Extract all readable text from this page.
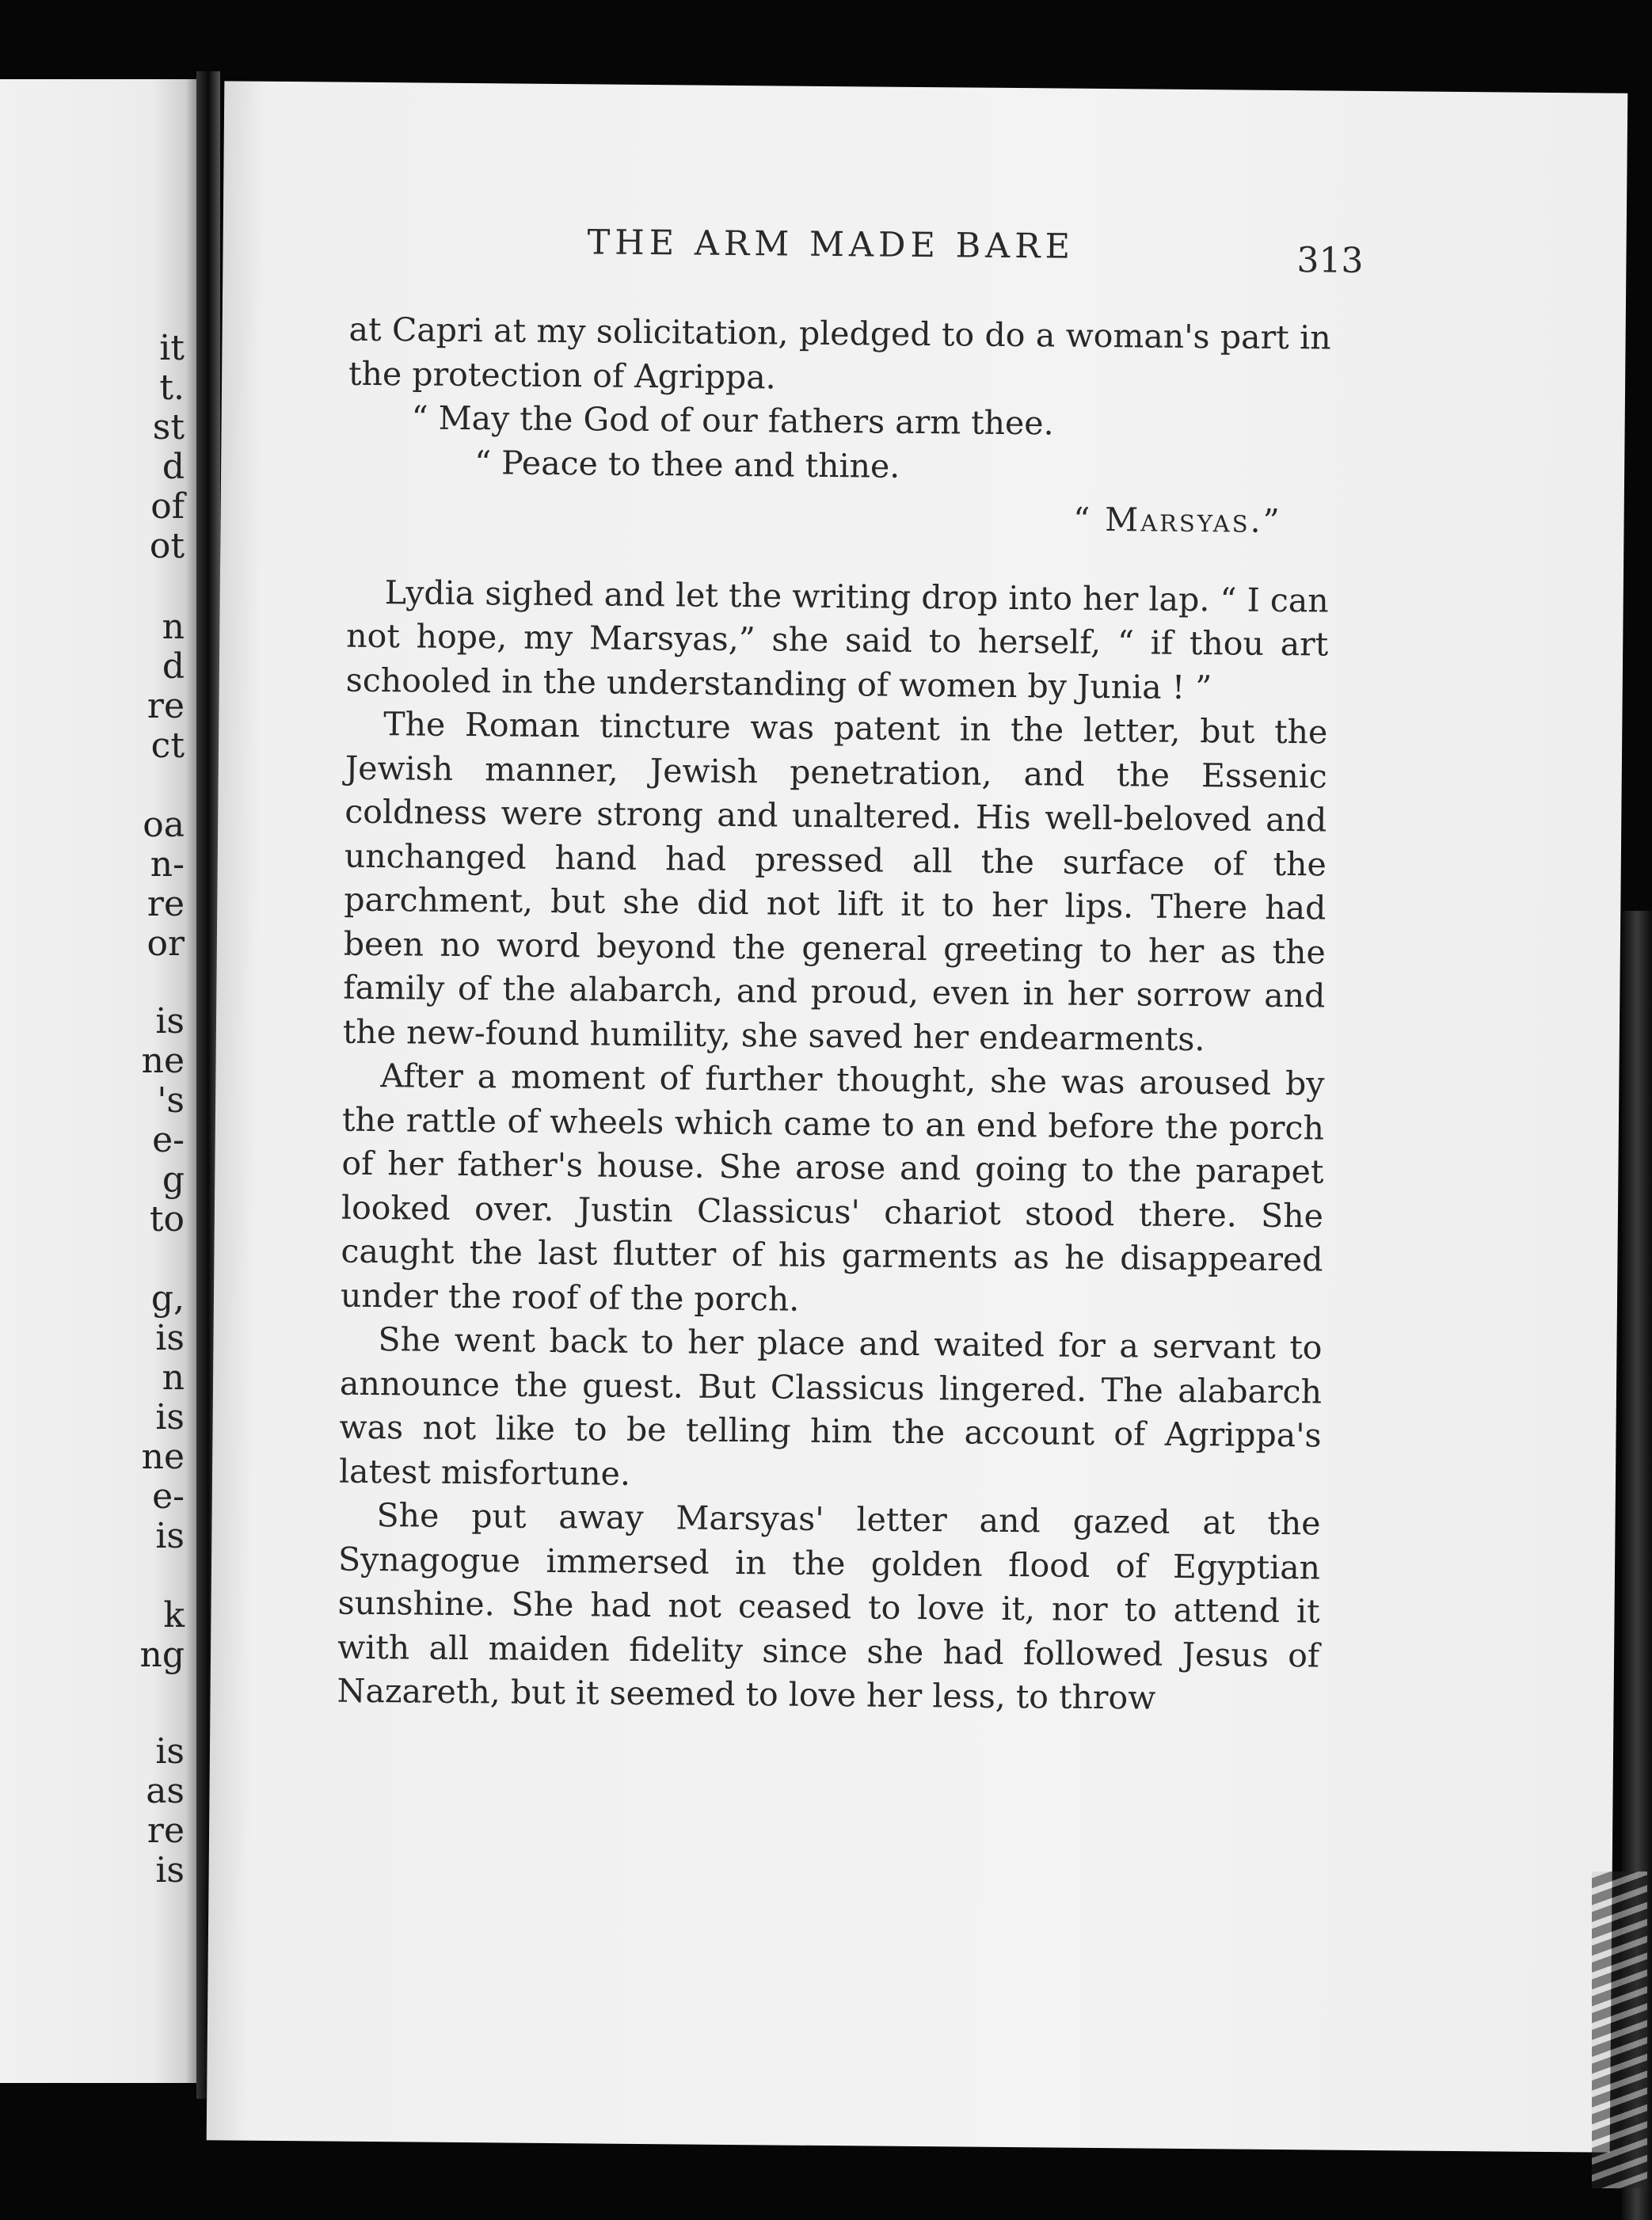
it
t.
st
d
of
ot
n
d
re
ct
oa
n-
re
or
is
ne
's
e-
g
to
g,
is
n
is
ne
e-
is
k
ng
is
as
re
is
THE ARM MADE BARE	313

at Capri at my solicitation, pledged to do a woman's part in the protection of Agrippa.

“ May the God of our fathers arm thee.

“ Peace to thee and thine.

“ Marsyas.”

Lydia sighed and let the writing drop into her lap. “ I can not hope, my Marsyas,” she said to herself, “ if thou art schooled in the understanding of women by Junia ! ”

The Roman tincture was patent in the letter, but the Jewish manner, Jewish penetration, and the Essenic coldness were strong and unaltered. His well-beloved and unchanged hand had pressed all the surface of the parchment, but she did not lift it to her lips. There had been no word beyond the general greeting to her as the family of the alabarch, and proud, even in her sorrow and the new-found humility, she saved her endearments.

After a moment of further thought, she was aroused by the rattle of wheels which came to an end before the porch of her father's house. She arose and going to the parapet looked over. Justin Classicus' chariot stood there. She caught the last flutter of his garments as he disappeared under the roof of the porch.

She went back to her place and waited for a servant to announce the guest. But Classicus lingered. The alabarch was not like to be telling him the account of Agrippa's latest misfortune.

She put away Marsyas' letter and gazed at the Synagogue immersed in the golden flood of Egyptian sunshine. She had not ceased to love it, nor to attend it with all maiden fidelity since she had followed Jesus of Nazareth, but it seemed to love her less, to throw
